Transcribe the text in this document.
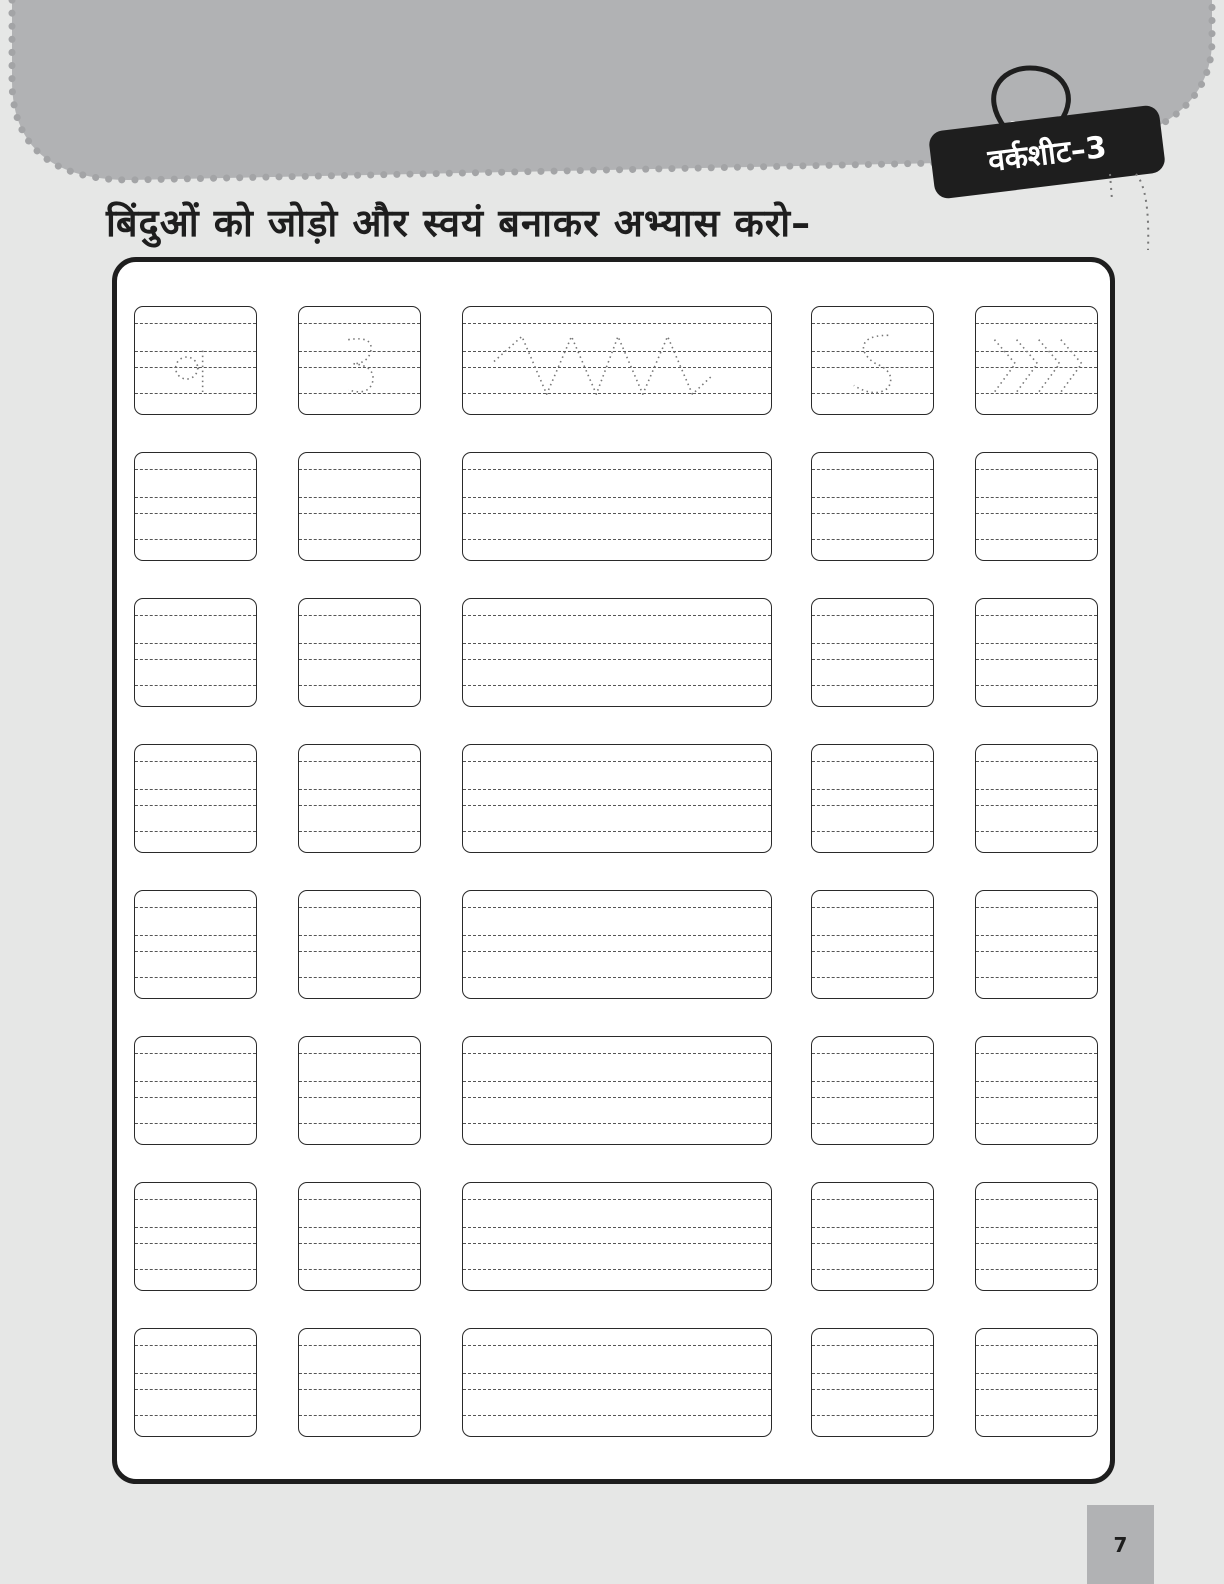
वर्कशीट–3
बिंदुओं को जोड़ो और स्वयं बनाकर अभ्यास करो–
7
